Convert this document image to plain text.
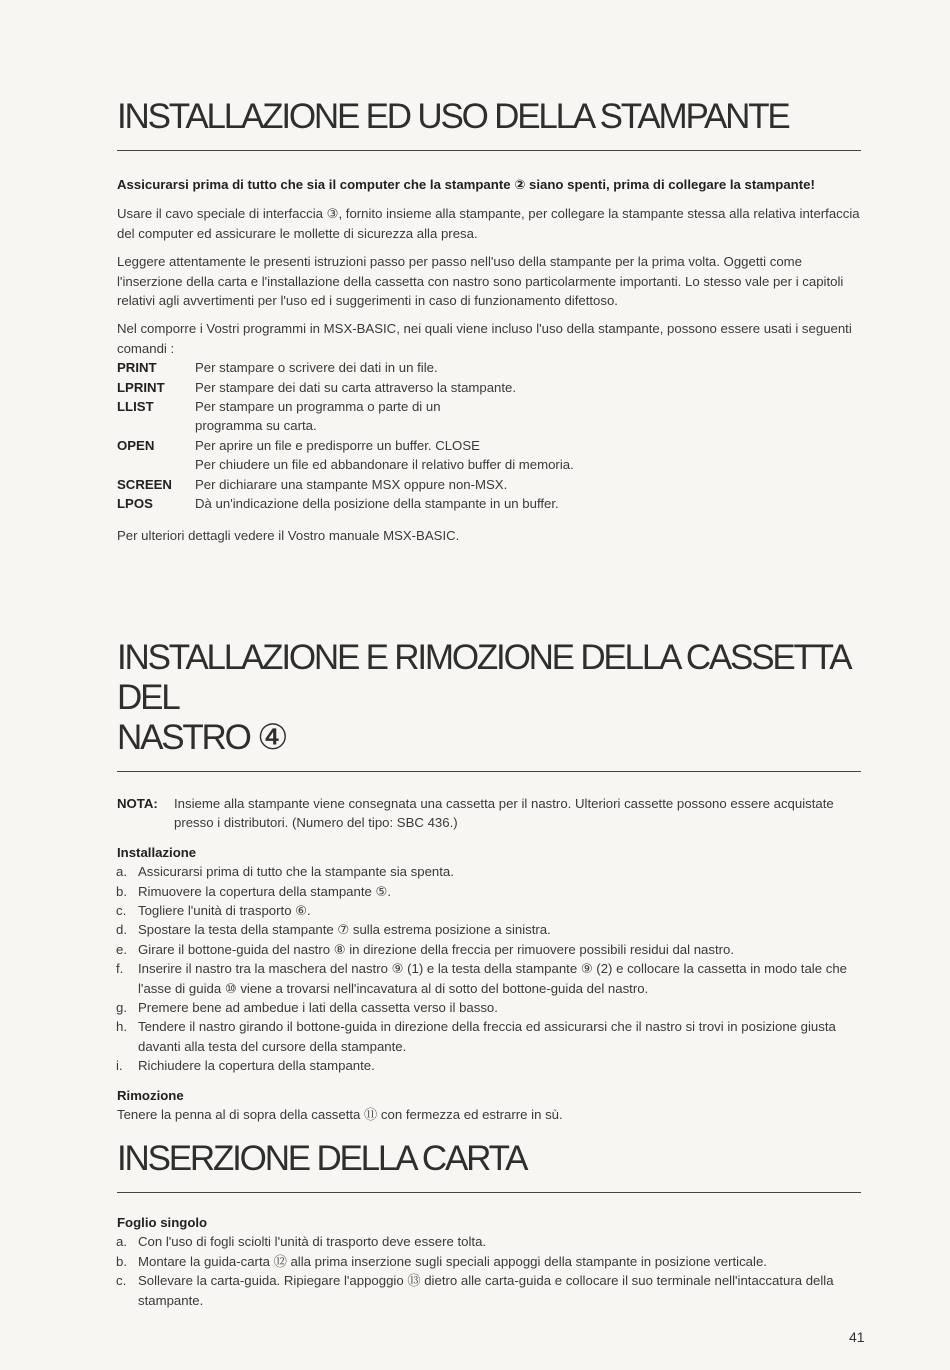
INSTALLAZIONE ED USO DELLA STAMPANTE

Assicurarsi prima di tutto che sia il computer che la stampante ② siano spenti, prima di collegare la stampante!

Usare il cavo speciale di interfaccia ③, fornito insieme alla stampante, per collegare la stampante stessa alla relativa interfaccia del computer ed assicurare le mollette di sicurezza alla presa.

Leggere attentamente le presenti istruzioni passo per passo nell'uso della stampante per la prima volta. Oggetti come l'inserzione della carta e l'installazione della cassetta con nastro sono particolarmente importanti. Lo stesso vale per i capitoli relativi agli avvertimenti per l'uso ed i suggerimenti in caso di funzionamento difettoso.

Nel comporre i Vostri programmi in MSX-BASIC, nei quali viene incluso l'uso della stampante, possono essere usati i seguenti comandi :

PRINT	Per stampare o scrivere dei dati in un file.
LPRINT	Per stampare dei dati su carta attraverso la stampante.
LLIST	Per stampare un programma o parte di un
programma su carta.
OPEN	Per aprire un file e predisporre un buffer. CLOSE
Per chiudere un file ed abbandonare il relativo buffer di memoria.
SCREEN	Per dichiarare una stampante MSX oppure non-MSX.
LPOS	Dà un'indicazione della posizione della stampante in un buffer.

Per ulteriori dettagli vedere il Vostro manuale MSX-BASIC.

INSTALLAZIONE E RIMOZIONE DELLA CASSETTA DEL
NASTRO ④
NOTA:	Insieme alla stampante viene consegnata una cassetta per il nastro. Ulteriori cassette possono essere acquistate presso i distributori. (Numero del tipo: SBC 436.)

Installazione

a. Assicurarsi prima di tutto che la stampante sia spenta.
b. Rimuovere la copertura della stampante ⑤.
c. Togliere l'unità di trasporto ⑥.
d. Spostare la testa della stampante ⑦ sulla estrema posizione a sinistra.
e. Girare il bottone-guida del nastro ⑧ in direzione della freccia per rimuovere possibili residui dal nastro.
f.	Inserire il nastro tra la maschera del nastro ⑨ (1) e la testa della stampante ⑨ (2) e collocare la cassetta in modo tale che l'asse di guida ⑩ viene a trovarsi nell'incavatura al di sotto del bottone-guida del nastro.
g. Premere bene ad ambedue i lati della cassetta verso il basso.
h. Tendere il nastro girando il bottone-guida in direzione della freccia ed assicurarsi che il nastro si trovi in posizione giusta davanti alla testa del cursore della stampante.
i.	Richiudere la copertura della stampante.

Rimozione

Tenere la penna al di sopra della cassetta ⑪ con fermezza ed estrarre in sù.

INSERZIONE DELLA CARTA

Foglio singolo

a. Con l'uso di fogli sciolti l'unità di trasporto deve essere tolta.
b. Montare la guida-carta ⑫ alla prima inserzione sugli speciali appoggi della stampante in posizione verticale.
c. Sollevare la carta-guida. Ripiegare l'appoggio ⑬ dietro alle carta-guida e collocare il suo terminale nell'intaccatura della stampante.
41
